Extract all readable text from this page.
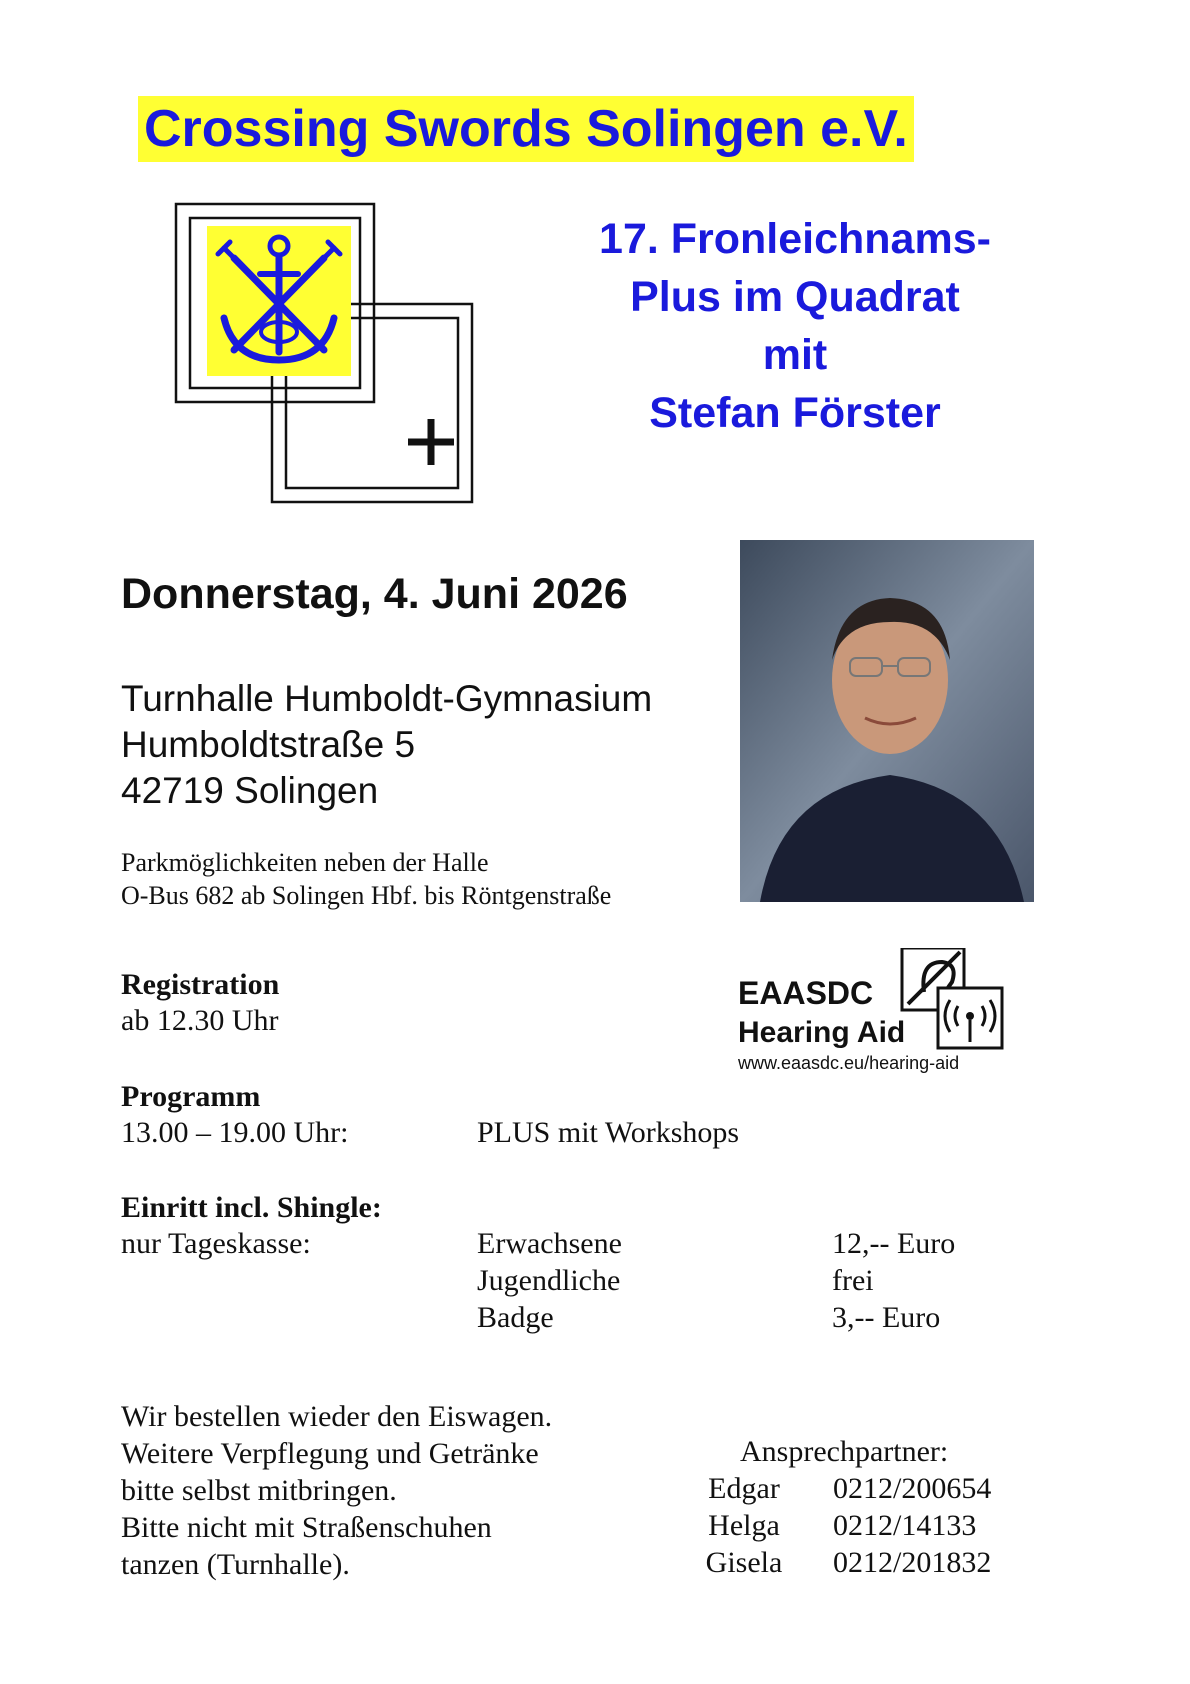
Crossing Swords Solingen e.V.
17. Fronleichnams-
Plus im Quadrat
mit
Stefan Förster
Donnerstag, 4. Juni 2026
Turnhalle Humboldt-Gymnasium
Humboldtstraße 5
42719 Solingen
Parkmöglichkeiten neben der Halle
O-Bus 682 ab Solingen Hbf. bis Röntgenstraße
EAASDC
Hearing Aid
www.eaasdc.eu/hearing-aid
Registration
ab 12.30 Uhr
Programm
13.00 – 19.00 Uhr:	PLUS mit Workshops
Einritt incl. Shingle:
nur Tageskasse:	Erwachsene	12,-- Euro
Jugendliche	frei
Badge	3,-- Euro
Wir bestellen wieder den Eiswagen.
Weitere Verpflegung und Getränke
bitte selbst mitbringen.
Bitte nicht mit Straßenschuhen
tanzen (Turnhalle).
Ansprechpartner:
Edgar 0212/200654
Helga 0212/14133
Gisela 0212/201832
